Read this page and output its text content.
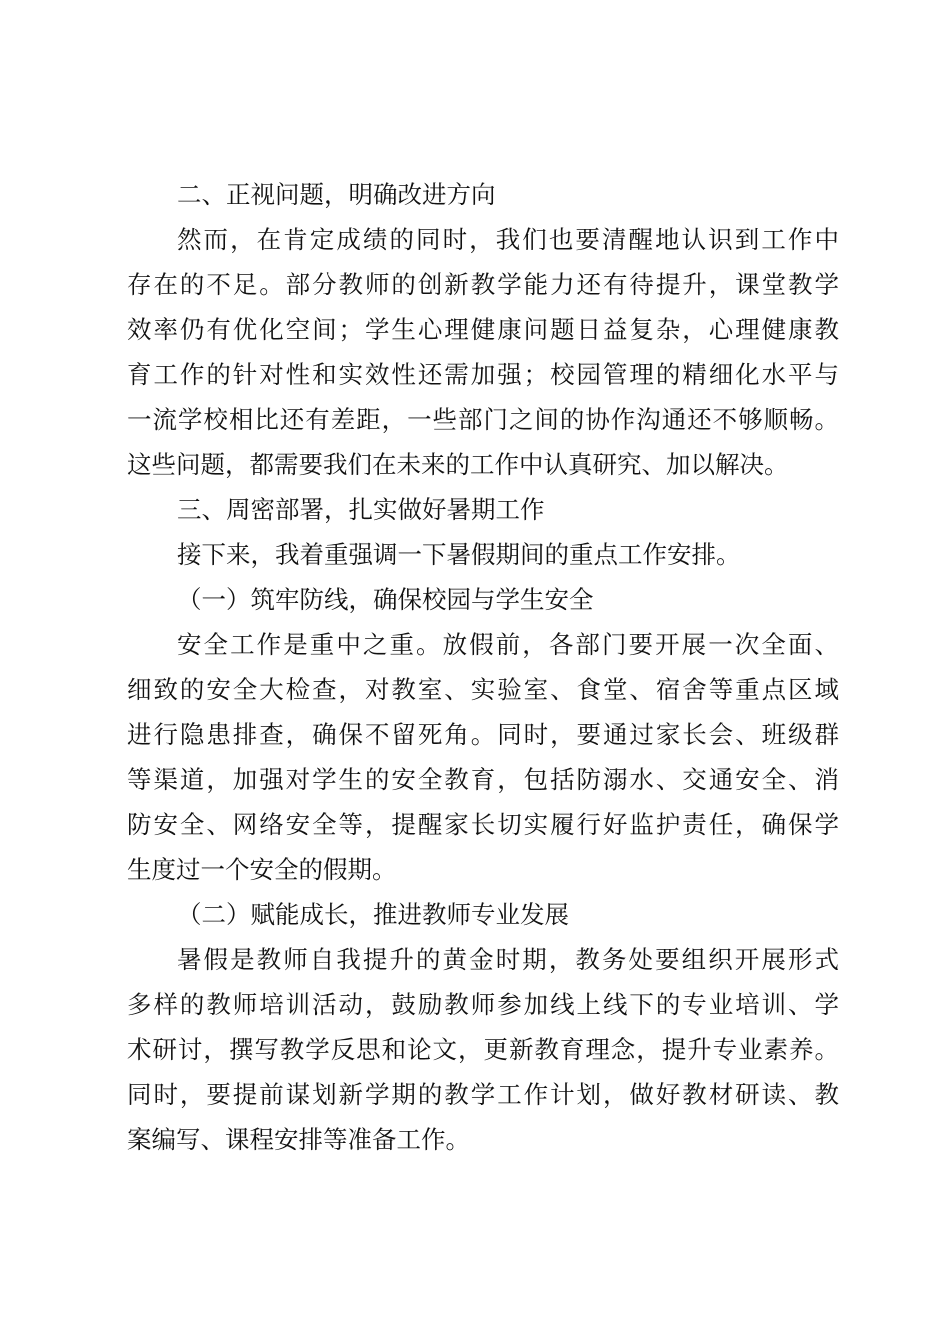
二、正视问题，明确改进方向
然而，在肯定成绩的同时，我们也要清醒地认识到工作中
存在的不足。部分教师的创新教学能力还有待提升，课堂教学
效率仍有优化空间；学生心理健康问题日益复杂，心理健康教
育工作的针对性和实效性还需加强；校园管理的精细化水平与
一流学校相比还有差距，一些部门之间的协作沟通还不够顺畅。
这些问题，都需要我们在未来的工作中认真研究、加以解决。
三、周密部署，扎实做好暑期工作
接下来，我着重强调一下暑假期间的重点工作安排。
（一）筑牢防线，确保校园与学生安全
安全工作是重中之重。放假前，各部门要开展一次全面、
细致的安全大检查，对教室、实验室、食堂、宿舍等重点区域
进行隐患排查，确保不留死角。同时，要通过家长会、班级群
等渠道，加强对学生的安全教育，包括防溺水、交通安全、消
防安全、网络安全等，提醒家长切实履行好监护责任，确保学
生度过一个安全的假期。
（二）赋能成长，推进教师专业发展
暑假是教师自我提升的黄金时期，教务处要组织开展形式
多样的教师培训活动，鼓励教师参加线上线下的专业培训、学
术研讨，撰写教学反思和论文，更新教育理念，提升专业素养。
同时，要提前谋划新学期的教学工作计划，做好教材研读、教
案编写、课程安排等准备工作。
